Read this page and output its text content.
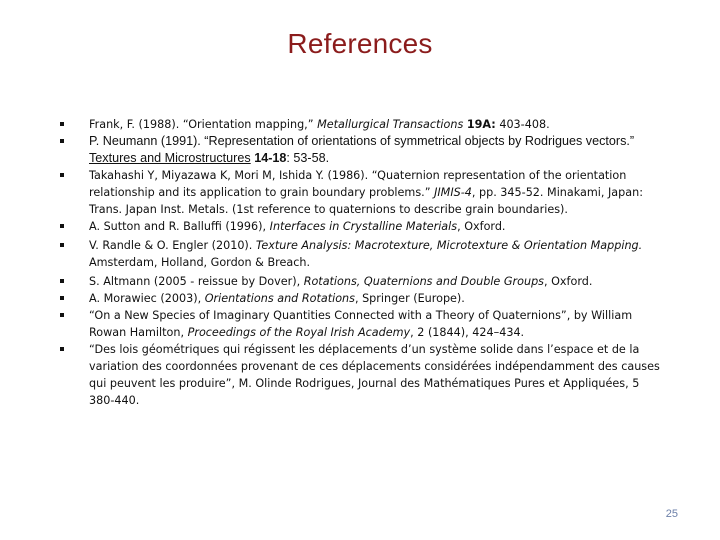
References
Frank, F. (1988). “Orientation mapping,” Metallurgical Transactions 19A: 403-408.
P. Neumann (1991). “Representation of orientations of symmetrical objects by Rodrigues vectors.” Textures and Microstructures 14-18: 53-58.
Takahashi Y, Miyazawa K, Mori M, Ishida Y. (1986). “Quaternion representation of the orientation relationship and its application to grain boundary problems.” JIMIS-4, pp. 345-52. Minakami, Japan: Trans. Japan Inst. Metals. (1st reference to quaternions to describe grain boundaries).
A. Sutton and R. Balluffi (1996), Interfaces in Crystalline Materials, Oxford.
V. Randle & O. Engler (2010). Texture Analysis: Macrotexture, Microtexture & Orientation Mapping. Amsterdam, Holland, Gordon & Breach.
S. Altmann (2005 - reissue by Dover), Rotations, Quaternions and Double Groups, Oxford.
A. Morawiec (2003), Orientations and Rotations, Springer (Europe).
“On a New Species of Imaginary Quantities Connected with a Theory of Quaternions”, by William Rowan Hamilton, Proceedings of the Royal Irish Academy, 2 (1844), 424–434.
“Des lois géométriques qui régissent les déplacements d’un système solide dans l’espace et de la variation des coordonnées provenant de ces déplacements considérées indépendamment des causes qui peuvent les produire”, M. Olinde Rodrigues, Journal des Mathématiques Pures et Appliquées, 5 380-440.
25
